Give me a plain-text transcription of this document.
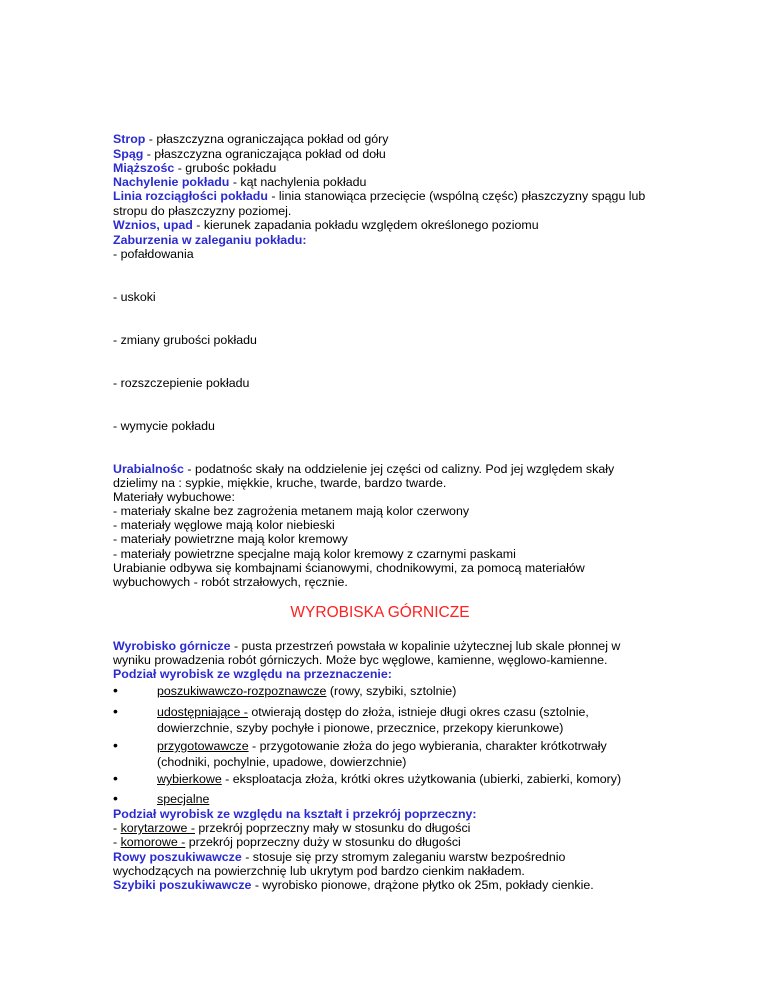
Strop - płaszczyzna ograniczająca pokład od góry
Spąg - płaszczyzna ograniczająca pokład od dołu
Miąższośc - grubośc pokładu
Nachylenie pokładu - kąt nachylenia pokładu
Linia rozciągłości pokładu - linia stanowiąca przecięcie (wspólną częśc) płaszczyzny spągu lub
stropu do płaszczyzny poziomej.
Wznios, upad - kierunek zapadania pokładu względem określonego poziomu
Zaburzenia w zaleganiu pokładu:
- pofałdowania
- uskoki
- zmiany grubości pokładu
- rozszczepienie pokładu
- wymycie pokładu
Urabialnośc - podatnośc skały na oddzielenie jej części od calizny. Pod jej względem skały
dzielimy na : sypkie, miękkie, kruche, twarde, bardzo twarde.
Materiały wybuchowe:
- materiały skalne bez zagrożenia metanem mają kolor czerwony
- materiały węglowe mają kolor niebieski
- materiały powietrzne mają kolor kremowy
- materiały powietrzne specjalne mają kolor kremowy z czarnymi paskami
Urabianie odbywa się kombajnami ścianowymi, chodnikowymi, za pomocą materiałów
wybuchowych - robót strzałowych, ręcznie.
WYROBISKA GÓRNICZE
Wyrobisko górnicze - pusta przestrzeń powstała w kopalinie użytecznej lub skale płonnej w
wyniku prowadzenia robót górniczych. Może byc węglowe, kamienne, węglowo-kamienne.
Podział wyrobisk ze względu na przeznaczenie:
•	poszukiwawczo-rozpoznawcze (rowy, szybiki, sztolnie)
•	udostępniające - otwierają dostęp do złoża, istnieje długi okres czasu (sztolnie,
dowierzchnie, szyby pochyłe i pionowe, przecznice, przekopy kierunkowe)
•	przygotowawcze - przygotowanie złoża do jego wybierania, charakter krótkotrwały
(chodniki, pochylnie, upadowe, dowierzchnie)
•	wybierkowe - eksploatacja złoża, krótki okres użytkowania (ubierki, zabierki, komory)
•	specjalne
Podział wyrobisk ze względu na kształt i przekrój poprzeczny:
- korytarzowe - przekrój poprzeczny mały w stosunku do długości
- komorowe - przekrój poprzeczny duży w stosunku do długości
Rowy poszukiwawcze - stosuje się przy stromym zaleganiu warstw bezpośrednio
wychodzących na powierzchnię lub ukrytym pod bardzo cienkim nakładem.
Szybiki poszukiwawcze - wyrobisko pionowe, drążone płytko ok 25m, pokłady cienkie.
